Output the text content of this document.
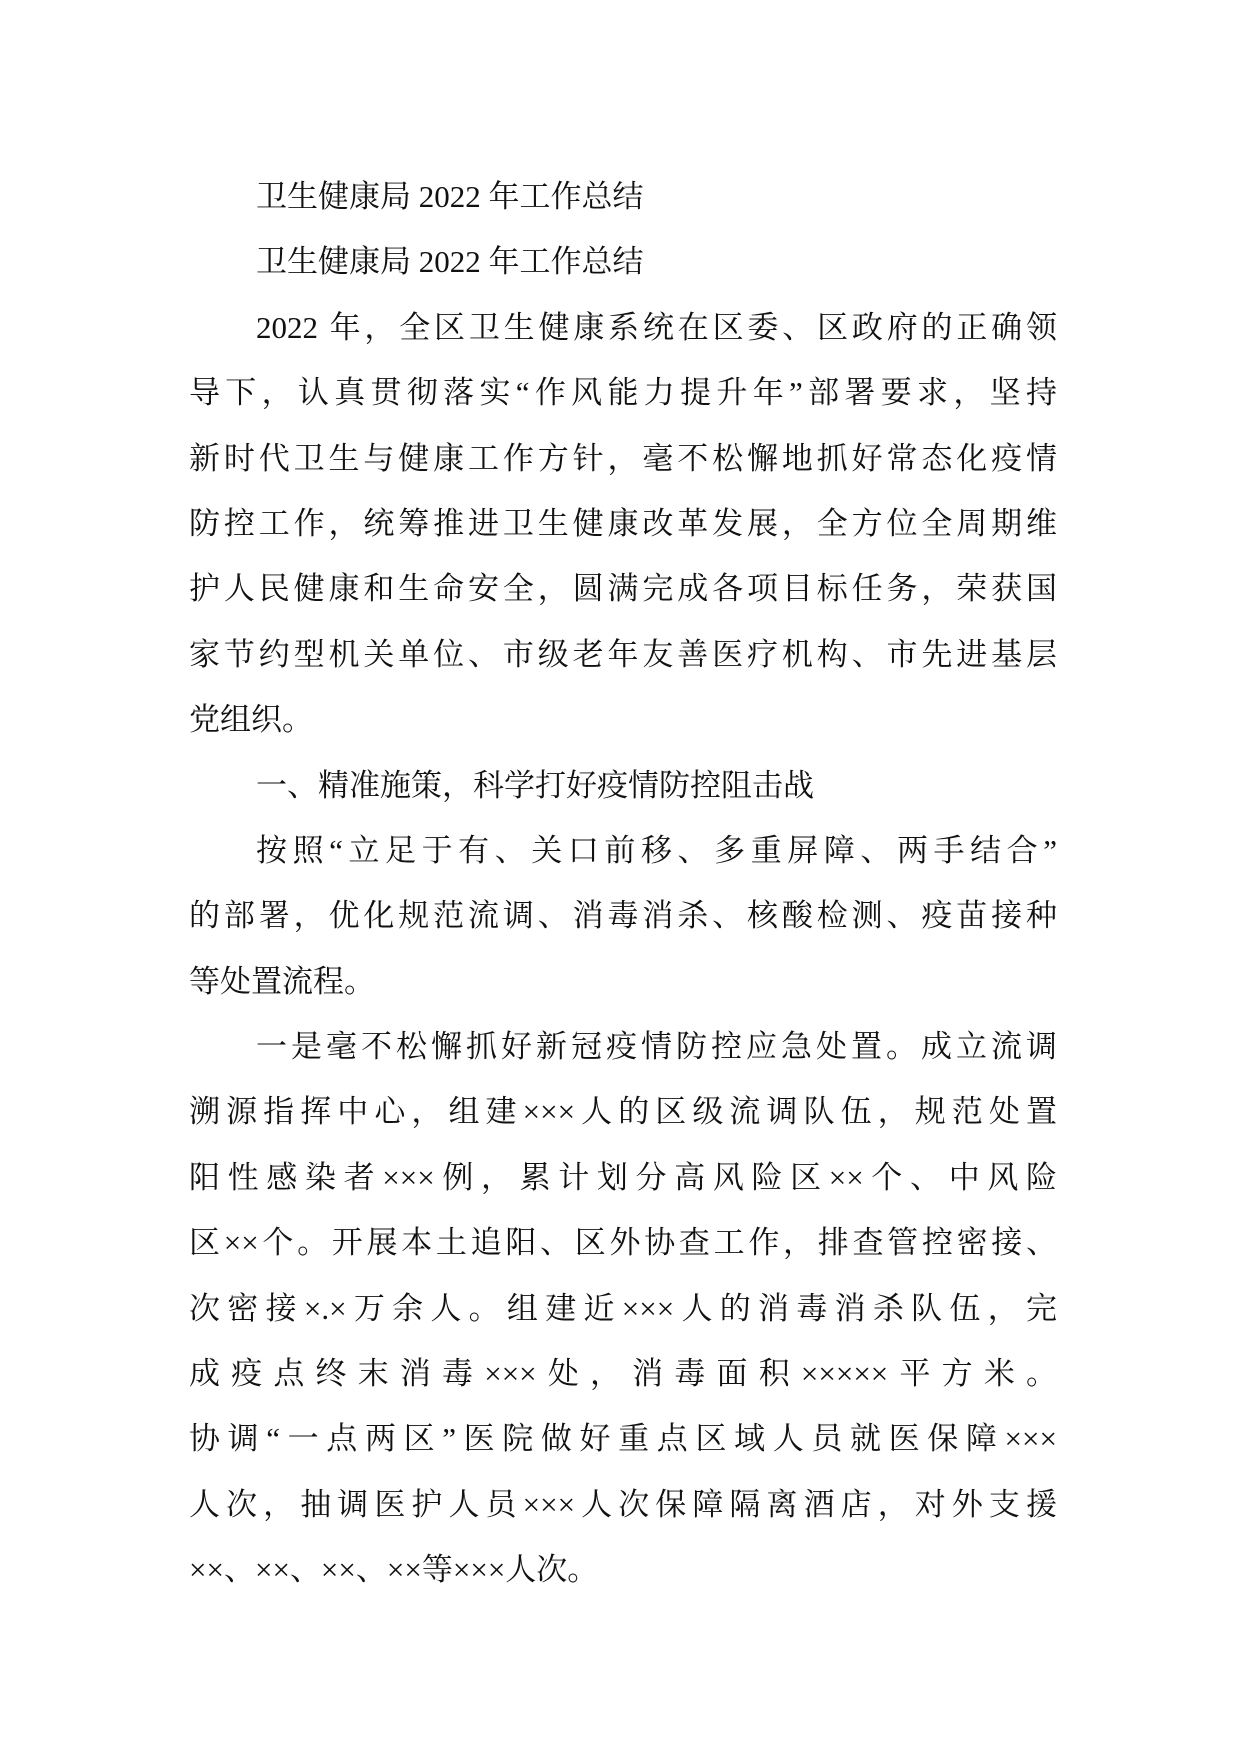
卫生健康局 2022 年工作总结
卫生健康局 2022 年工作总结
2022 年，全区卫生健康系统在区委、区政府的正确领
导下，认真贯彻落实“作风能力提升年”部署要求，坚持
新时代卫生与健康工作方针，毫不松懈地抓好常态化疫情
防控工作，统筹推进卫生健康改革发展，全方位全周期维
护人民健康和生命安全，圆满完成各项目标任务，荣获国
家节约型机关单位、市级老年友善医疗机构、市先进基层
党组织。
一、精准施策，科学打好疫情防控阻击战
按照“立足于有、关口前移、多重屏障、两手结合”
的部署，优化规范流调、消毒消杀、核酸检测、疫苗接种
等处置流程。
一是毫不松懈抓好新冠疫情防控应急处置。成立流调
溯源指挥中心，组建×××人的区级流调队伍，规范处置
阳性感染者×××例，累计划分高风险区××个、中风险
区××个。开展本土追阳、区外协查工作，排查管控密接、
次密接×.×万余人。组建近×××人的消毒消杀队伍，完
成疫点终末消毒×××处，消毒面积×××××平方米。
协调“一点两区”医院做好重点区域人员就医保障×××
人次，抽调医护人员×××人次保障隔离酒店，对外支援
××、××、××、××等×××人次。
